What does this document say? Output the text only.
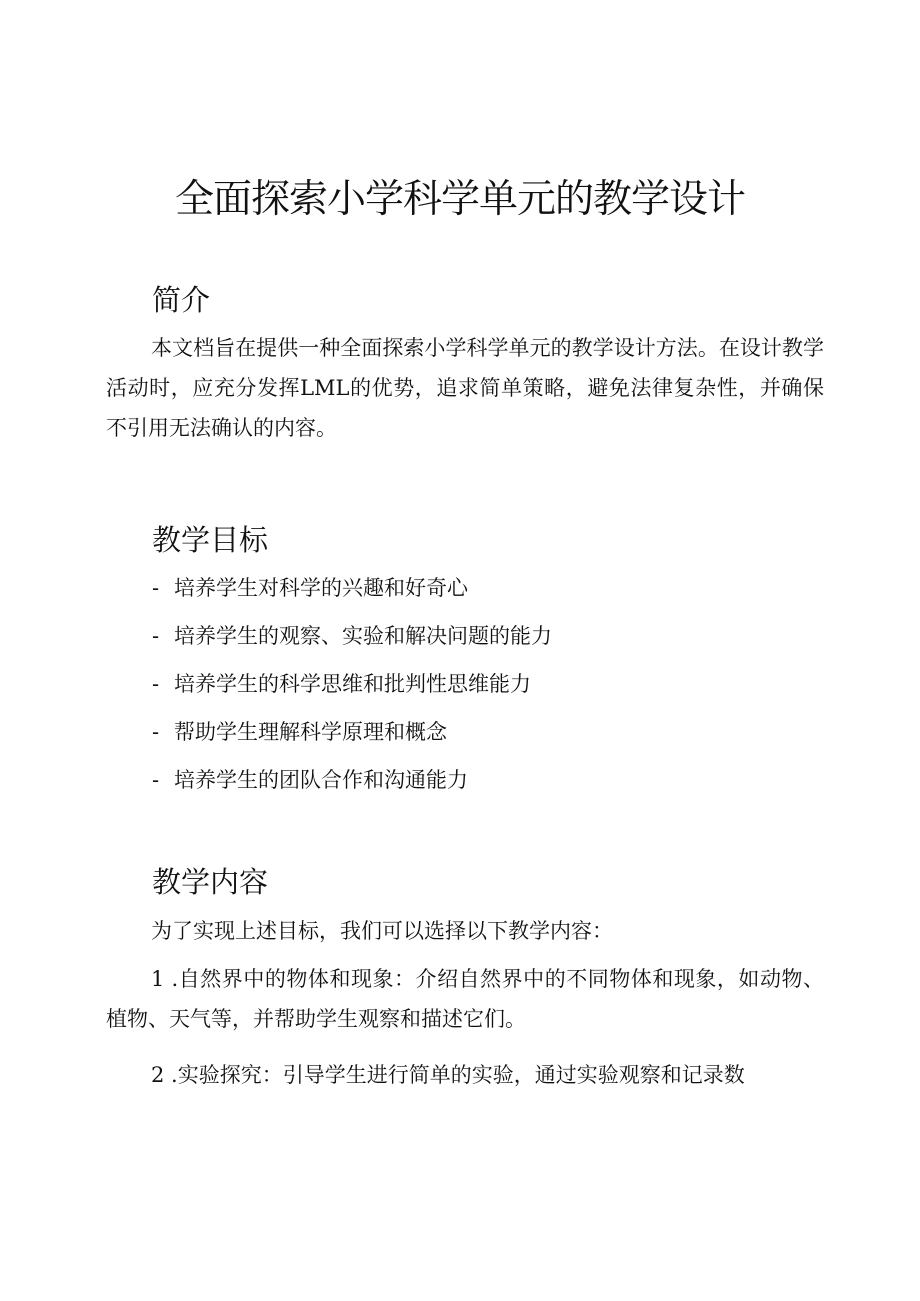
全面探索小学科学单元的教学设计
简介
本文档旨在提供一种全面探索小学科学单元的教学设计方法。在设计教学活动时，应充分发挥LML的优势，追求简单策略，避免法律复杂性，并确保不引用无法确认的内容。
教学目标
- 培养学生对科学的兴趣和好奇心
- 培养学生的观察、实验和解决问题的能力
- 培养学生的科学思维和批判性思维能力
- 帮助学生理解科学原理和概念
- 培养学生的团队合作和沟通能力
教学内容
为了实现上述目标，我们可以选择以下教学内容：
1 .自然界中的物体和现象：介绍自然界中的不同物体和现象，如动物、植物、天气等，并帮助学生观察和描述它们。
2 .实验探究：引导学生进行简单的实验，通过实验观察和记录数
